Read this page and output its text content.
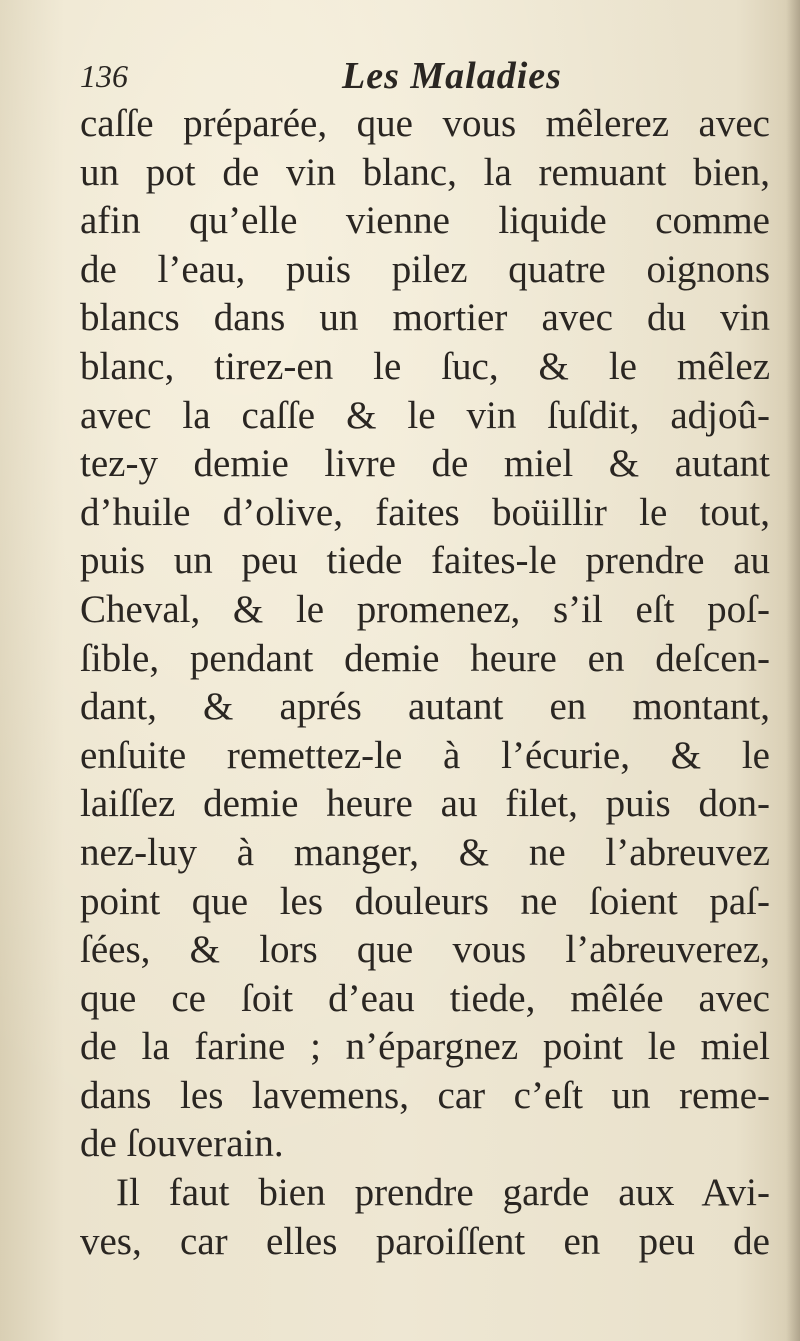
136	Les Maladies
caſſe préparée, que vous mêlerez avec
un pot de vin blanc, la remuant bien,
afin qu’elle vienne liquide comme
de l’eau, puis pilez quatre oignons
blancs dans un mortier avec du vin
blanc, tirez-en le ſuc, & le mêlez
avec la caſſe & le vin ſuſdit, adjoû-
tez-y demie livre de miel & autant
d’huile d’olive, faites boüillir le tout,
puis un peu tiede faites-le prendre au
Cheval, & le promenez, s’il eſt poſ-
ſible, pendant demie heure en deſcen-
dant, & aprés autant en montant,
enſuite remettez-le à l’écurie, & le
laiſſez demie heure au filet, puis don-
nez-luy à manger, & ne l’abreuvez
point que les douleurs ne ſoient paſ-
ſées, & lors que vous l’abreuverez,
que ce ſoit d’eau tiede, mêlée avec
de la farine ; n’épargnez point le miel
dans les lavemens, car c’eſt un reme-
de ſouverain.
Il faut bien prendre garde aux Avi-
ves, car elles paroiſſent en peu de
